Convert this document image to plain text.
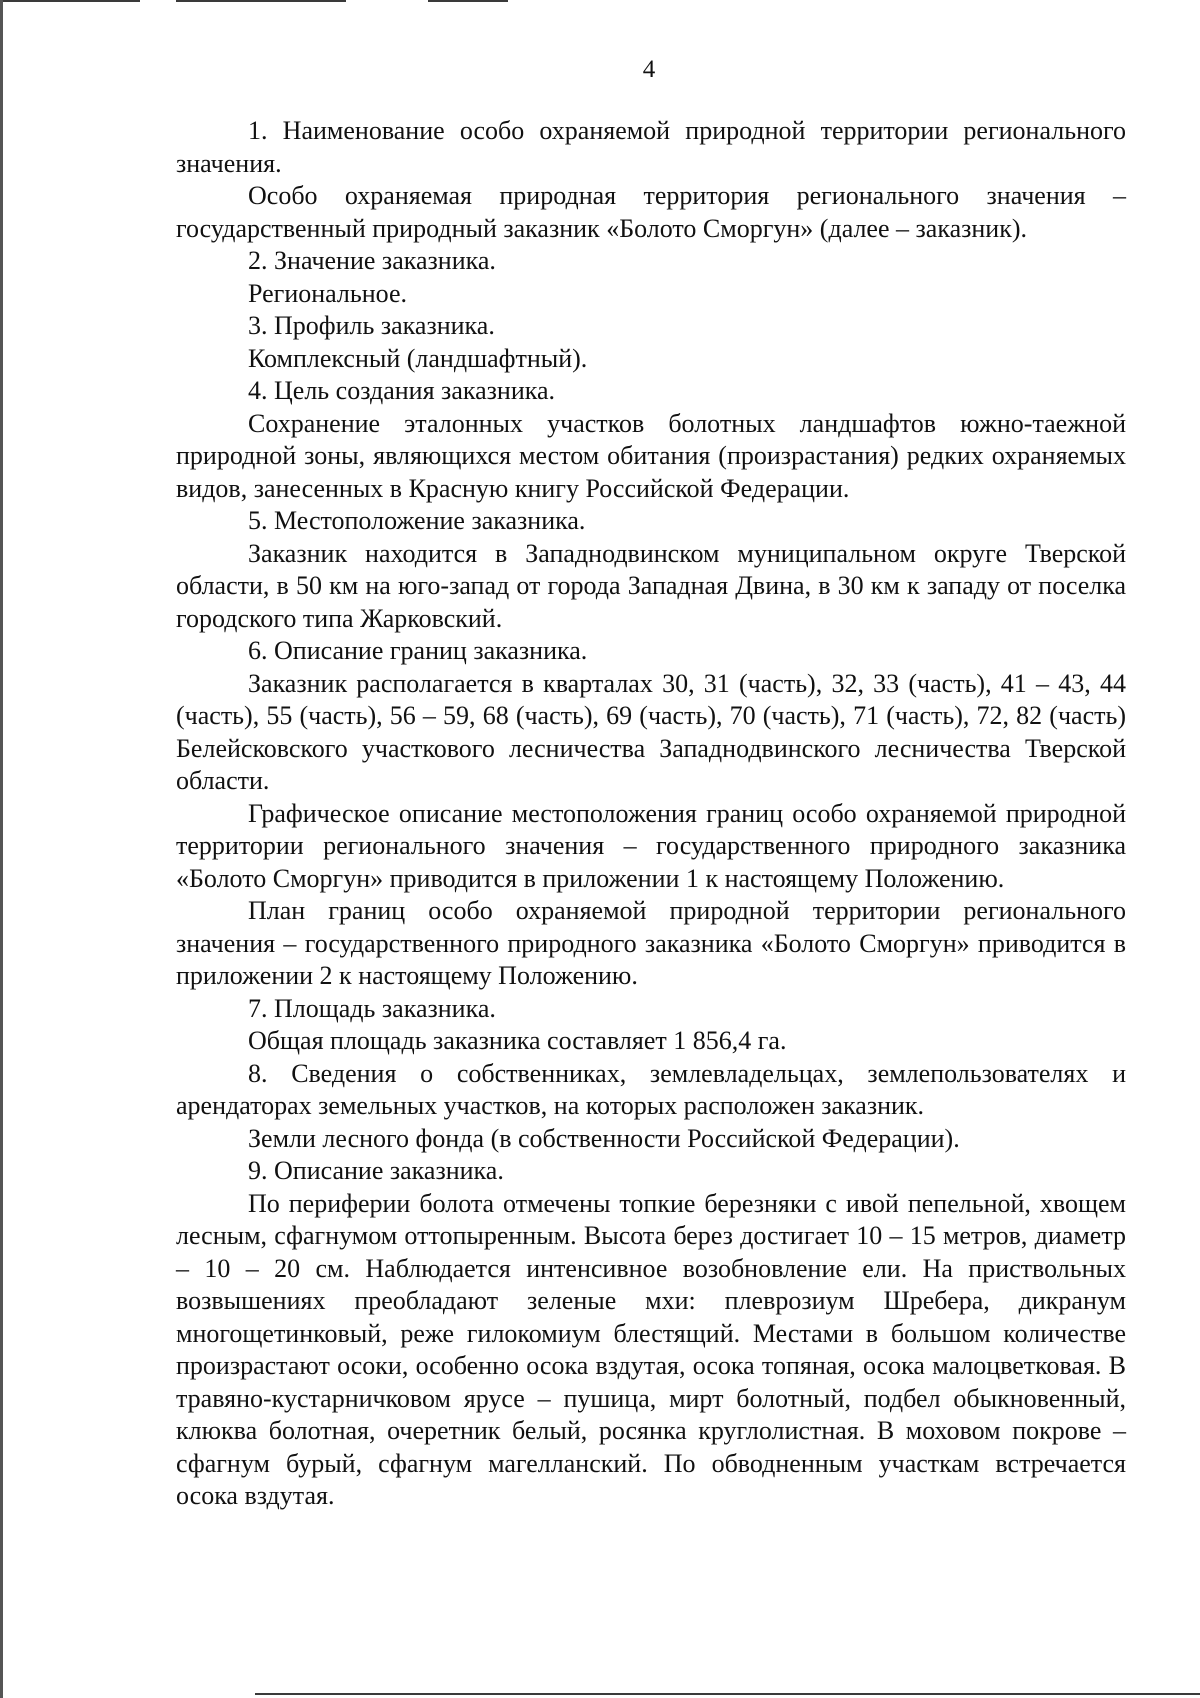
4

1. Наименование особо охраняемой природной территории регионального значения.

Особо охраняемая природная территория регионального значения – государственный природный заказник «Болото Сморгун» (далее – заказник).

2. Значение заказника.

Региональное.

3. Профиль заказника.

Комплексный (ландшафтный).

4. Цель создания заказника.

Сохранение эталонных участков болотных ландшафтов южно-таежной природной зоны, являющихся местом обитания (произрастания) редких охраняемых видов, занесенных в Красную книгу Российской Федерации.

5. Местоположение заказника.

Заказник находится в Западнодвинском муниципальном округе Тверской области, в 50 км на юго-запад от города Западная Двина, в 30 км к западу от поселка городского типа Жарковский.

6. Описание границ заказника.

Заказник располагается в кварталах 30, 31 (часть), 32, 33 (часть), 41 – 43, 44 (часть), 55 (часть), 56 – 59, 68 (часть), 69 (часть), 70 (часть), 71 (часть), 72, 82 (часть) Белейсковского участкового лесничества Западнодвинского лесничества Тверской области.

Графическое описание местоположения границ особо охраняемой природной территории регионального значения – государственного природного заказника «Болото Сморгун» приводится в приложении 1 к настоящему Положению.

План границ особо охраняемой природной территории регионального значения – государственного природного заказника «Болото Сморгун» приводится в приложении 2 к настоящему Положению.

7. Площадь заказника.

Общая площадь заказника составляет 1 856,4 га.

8. Сведения о собственниках, землевладельцах, землепользователях и арендаторах земельных участков, на которых расположен заказник.

Земли лесного фонда (в собственности Российской Федерации).

9. Описание заказника.

По периферии болота отмечены топкие березняки с ивой пепельной, хвощем лесным, сфагнумом оттопыренным. Высота берез достигает 10 – 15 метров, диаметр – 10 – 20 см. Наблюдается интенсивное возобновление ели. На приствольных возвышениях преобладают зеленые мхи: плеврозиум Шребера, дикранум многощетинковый, реже гилокомиум блестящий. Местами в большом количестве произрастают осоки, особенно осока вздутая, осока топяная, осока малоцветковая. В травяно-кустарничковом ярусе – пушица, мирт болотный, подбел обыкновенный, клюква болотная, очеретник белый, росянка круглолистная. В моховом покрове – сфагнум бурый, сфагнум магелланский. По обводненным участкам встречается осока вздутая.
